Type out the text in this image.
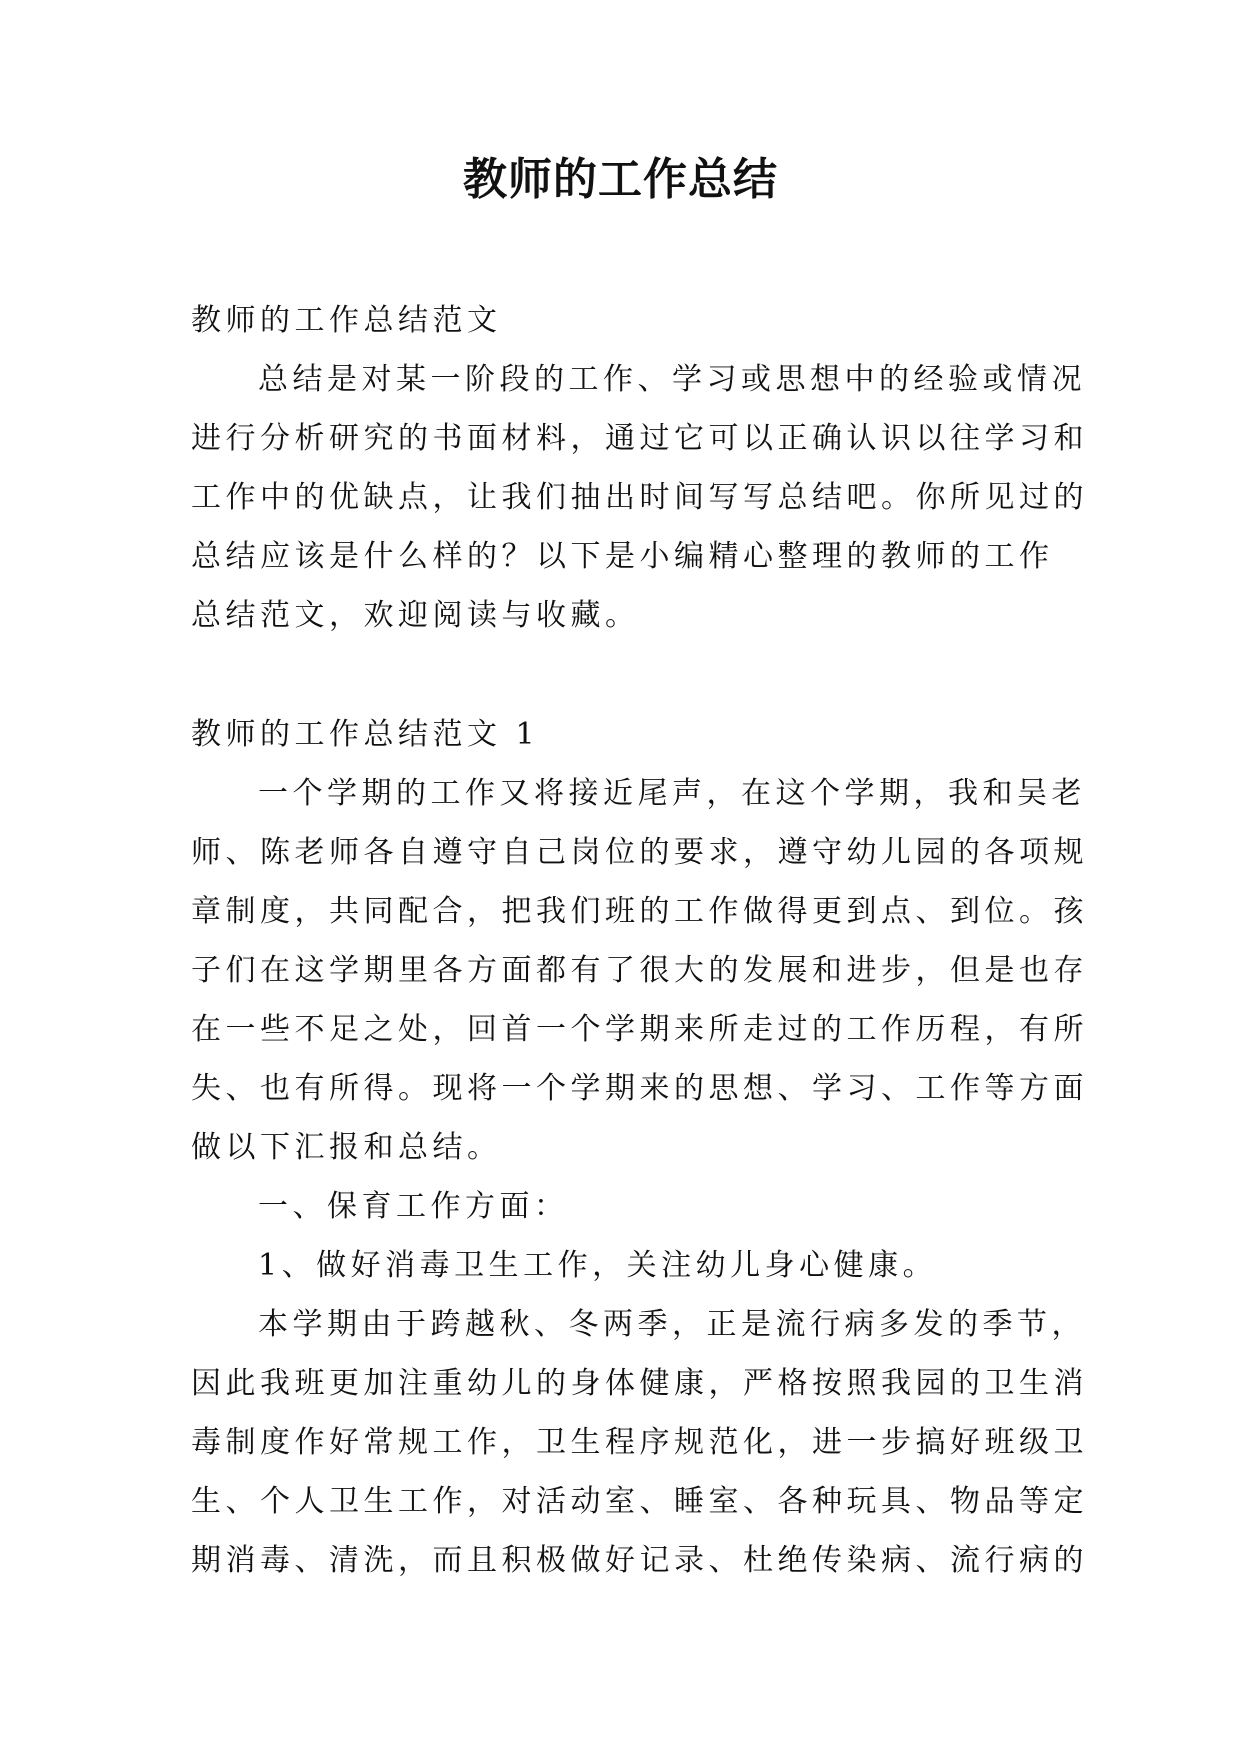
教师的工作总结
教师的工作总结范文
总结是对某一阶段的工作、学习或思想中的经验或情况
进行分析研究的书面材料，通过它可以正确认识以往学习和
工作中的优缺点，让我们抽出时间写写总结吧。你所见过的
总结应该是什么样的？以下是小编精心整理的教师的工作
总结范文，欢迎阅读与收藏。
教师的工作总结范文 1
一个学期的工作又将接近尾声，在这个学期，我和吴老
师、陈老师各自遵守自己岗位的要求，遵守幼儿园的各项规
章制度，共同配合，把我们班的工作做得更到点、到位。孩
子们在这学期里各方面都有了很大的发展和进步，但是也存
在一些不足之处，回首一个学期来所走过的工作历程，有所
失、也有所得。现将一个学期来的思想、学习、工作等方面
做以下汇报和总结。
一、保育工作方面：
1、做好消毒卫生工作，关注幼儿身心健康。
本学期由于跨越秋、冬两季，正是流行病多发的季节，
因此我班更加注重幼儿的身体健康，严格按照我园的卫生消
毒制度作好常规工作，卫生程序规范化，进一步搞好班级卫
生、个人卫生工作，对活动室、睡室、各种玩具、物品等定
期消毒、清洗，而且积极做好记录、杜绝传染病、流行病的
